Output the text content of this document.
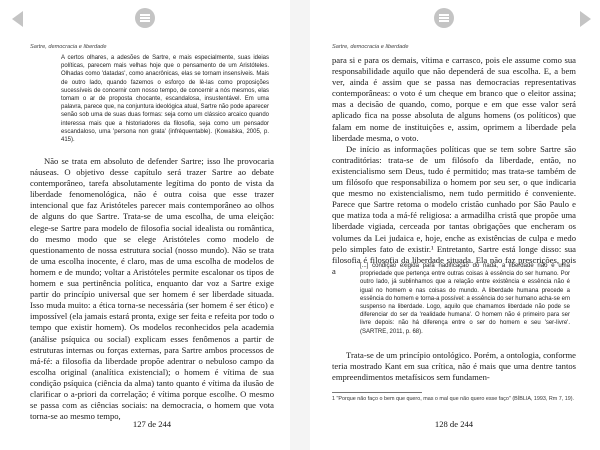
Sartre, democracia e liberdade
A certos olhares, a adesões de Sartre, e mais especialmente, suas ideias políticas, parecem mais velhas hoje que o pensamento de um Aristóteles. Olhadas como 'datadas', como anacrônicas, elas se tornam insensíveis. Mais de outro lado, quando fazemos o esforço de lê-las como proposições sucessíveis de concernir com nosso tempo, de concernir a nós mesmos, elas tomam o ar de proposta chocante, escandalosa, insustentável. Em uma palavra, parece que, na conjuntura ideológica atual, Sartre não pode aparecer senão sob uma de suas duas formas: seja como um clássico arcaico quando interessa mais que a historiadores da filosofia, seja como um pensador escandaloso, uma 'persona non grata' (infréquentable). (Kowalska, 2005, p. 415).

Não se trata em absoluto de defender Sartre; isso lhe provocaria náuseas. O objetivo desse capítulo será trazer Sartre ao debate contemporâneo, tarefa absolutamente legítima do ponto de vista da liberdade fenomenológica, não é outra coisa que esse trazer intencional que faz Aristóteles parecer mais contemporâneo ao olhos de alguns do que Sartre. Trata-se de uma escolha, de uma eleição: elege-se Sartre para modelo de filosofia social idealista ou romântica, do mesmo modo que se elege Aristóteles como modelo de questionamento de nossa estrutura social (nosso mundo). Não se trata de uma escolha inocente, é claro, mas de uma escolha de modelos de homem e de mundo; voltar a Aristóteles permite escalonar os tipos de homem e sua pertinência política, enquanto dar voz a Sartre exige partir do princípio universal que ser homem é ser liberdade situada. Isso muda muito: a ética torna-se necessária (ser homem é ser ético) e impossível (ela jamais estará pronta, exige ser feita e refeita por todo o tempo que existir homem). Os modelos reconhecidos pela academia (análise psíquica ou social) explicam esses fenômenos a partir de estruturas internas ou forças externas, para Sartre ambos processos de má-fé: a filosofia da liberdade propõe adentrar o nebuloso campo da escolha original (analítica existencial); o homem é vítima de sua condição psíquica (ciência da alma) tanto quanto é vítima da ilusão de clarificar o a-priori da correlação; é vítima porque escolhe. O mesmo se passa com as ciências sociais: na democracia, o homem que vota torna-se ao mesmo tempo,

127 de 244
Sartre, democracia e liberdade

para si e para os demais, vítima e carrasco, pois ele assume como sua responsabilidade aquilo que não dependerá de sua escolha. E, a bem ver, ainda é assim que se passa nas democracias representativas contemporâneas: o voto é um cheque em branco que o eleitor assina; mas a decisão de quando, como, porque e em que esse valor será aplicado fica na posse absoluta de alguns homens (os políticos) que falam em nome de instituições e, assim, oprimem a liberdade pela liberdade mesma, o voto.

De início as informações políticas que se tem sobre Sartre são contraditórias: trata-se de um filósofo da liberdade, então, no existencialismo sem Deus, tudo é permitido; mas trata-se também de um filósofo que responsabiliza o homem por seu ser, o que indicaria que mesmo no existencialismo, nem tudo permitido é conveniente. Parece que Sartre retoma o modelo cristão cunhado por São Paulo e que matiza toda a má-fé religiosa: a armadilha cristã que propõe uma liberdade vigiada, cerceada por tantas obrigações que encheram os volumes da Lei judaica e, hoje, enche as existências de culpa e medo pelo simples fato de existir.¹ Entretanto, Sartre está longe disso: sua filosofia é filosofia da liberdade situada. Ela não faz prescrições, pois a	[...] condição exigida para nadificação do nada, a liberdade não é uma propriedade que pertença entre outras coisas à essência do ser humano. Por outro lado, já sublinhamos que a relação entre existência e essência não é igual no homem e nas coisas do mundo. A liberdade humana precede a essência do homem e torna-a possível: a essência do ser humano acha-se em suspenso na liberdade. Logo, aquilo que chamamos liberdade não pode se diferenciar do ser da 'realidade humana'. O homem não é primeiro para ser livre depois: não há diferença entre o ser do homem e seu 'ser-livre'. (SARTRE, 2011, p. 68).

Trata-se de um princípio ontológico. Porém, a ontologia, conforme teria mostrado Kant em sua crítica, não é mais que uma dentre tantos empreendimentos metafísicos sem fundamen-

1 "Porque não faço o bem que quero, mas o mal que não quero esse faço" (BÍBLIA, 1993, Rm 7, 19).
128 de 244
